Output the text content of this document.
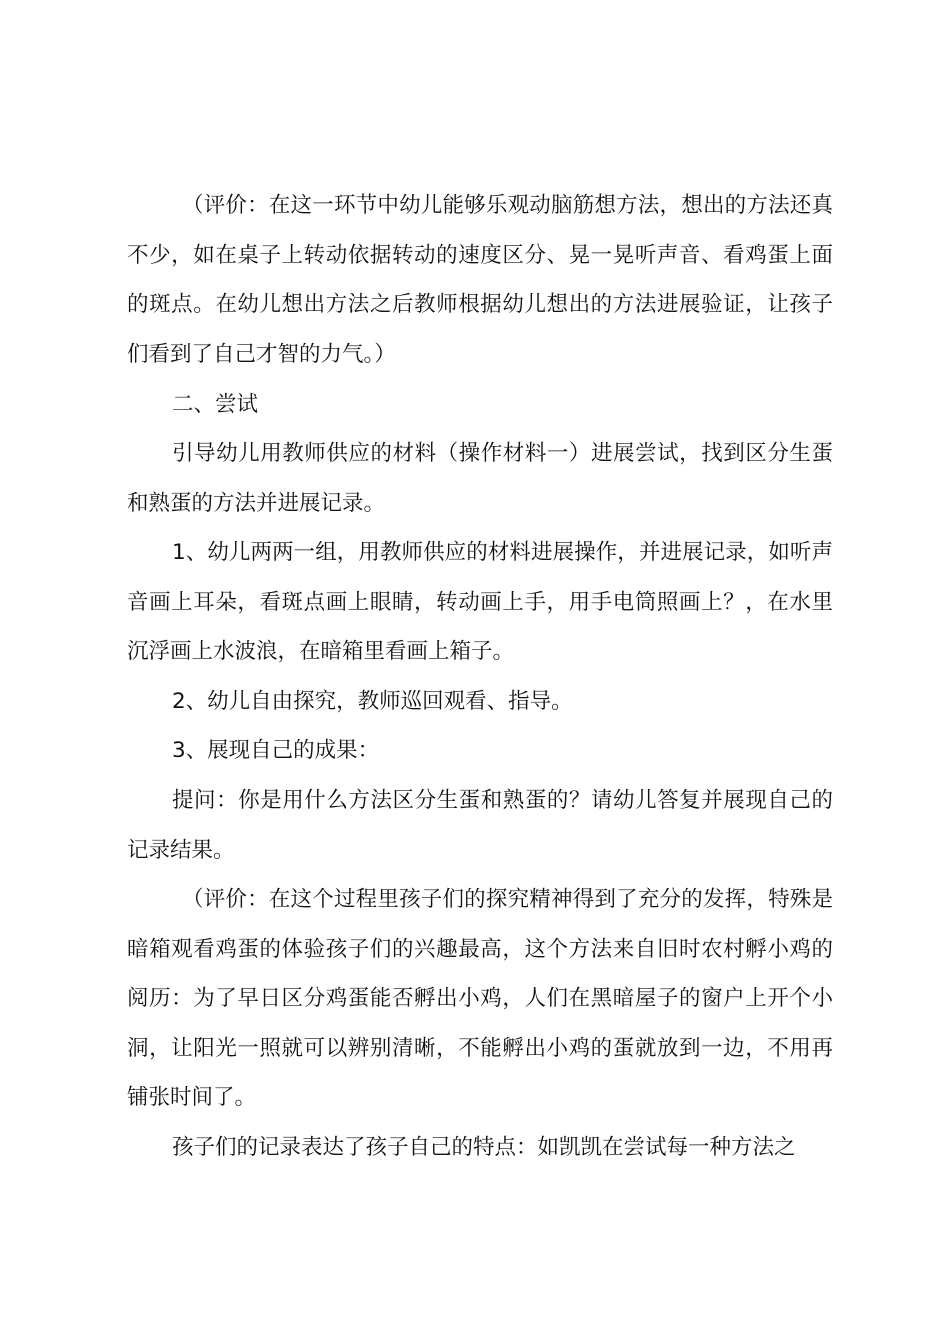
（评价：在这一环节中幼儿能够乐观动脑筋想方法，想出的方法还真不少，如在桌子上转动依据转动的速度区分、晃一晃听声音、看鸡蛋上面的斑点。在幼儿想出方法之后教师根据幼儿想出的方法进展验证，让孩子们看到了自己才智的力气。）

二、尝试

引导幼儿用教师供应的材料（操作材料一）进展尝试，找到区分生蛋和熟蛋的方法并进展记录。

1、幼儿两两一组，用教师供应的材料进展操作，并进展记录，如听声音画上耳朵，看斑点画上眼睛，转动画上手，用手电筒照画上？，在水里沉浮画上水波浪，在暗箱里看画上箱子。

2、幼儿自由探究，教师巡回观看、指导。

3、展现自己的成果：

提问：你是用什么方法区分生蛋和熟蛋的？请幼儿答复并展现自己的记录结果。

（评价：在这个过程里孩子们的探究精神得到了充分的发挥，特殊是暗箱观看鸡蛋的体验孩子们的兴趣最高，这个方法来自旧时农村孵小鸡的阅历：为了早日区分鸡蛋能否孵出小鸡，人们在黑暗屋子的窗户上开个小洞，让阳光一照就可以辨别清晰，不能孵出小鸡的蛋就放到一边，不用再铺张时间了。

孩子们的记录表达了孩子自己的特点：如凯凯在尝试每一种方法之
